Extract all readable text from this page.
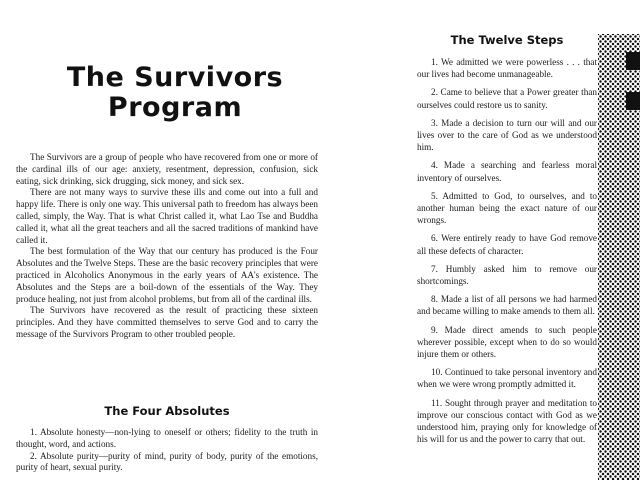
The Survivors
Program

The Survivors are a group of people who have recovered from one or more of the cardinal ills of our age: anxiety, resentment, depression, confusion, sick eating, sick drinking, sick drugging, sick money, and sick sex.

There are not many ways to survive these ills and come out into a full and happy life. There is only one way. This universal path to freedom has always been called, simply, the Way. That is what Christ called it, what Lao Tse and Buddha called it, what all the great teachers and all the sacred traditions of mankind have called it.

The best formulation of the Way that our century has produced is the Four Absolutes and the Twelve Steps. These are the basic recovery principles that were practiced in Alcoholics Anonymous in the early years of AA's existence. The Absolutes and the Steps are a boil-down of the essentials of the Way. They produce healing, not just from alcohol problems, but from all of the cardinal ills.

The Survivors have recovered as the result of practicing these sixteen principles. And they have committed themselves to serve God and to carry the message of the Survivors Program to other troubled people.

The Four Absolutes

1. Absolute honesty—non-lying to oneself or others; fidelity to the truth in thought, word, and actions.

2. Absolute purity—purity of mind, purity of body, purity of the emotions, purity of heart, sexual purity.

The Twelve Steps

1. We admitted we were powerless . . . that our lives had become unmanageable.

2. Came to believe that a Power greater than ourselves could restore us to sanity.

3. Made a decision to turn our will and our lives over to the care of God as we understood him.

4. Made a searching and fearless moral inventory of ourselves.

5. Admitted to God, to ourselves, and to another human being the exact nature of our wrongs.

6. Were entirely ready to have God remove all these defects of character.

7. Humbly asked him to remove our shortcomings.

8. Made a list of all persons we had harmed and became willing to make amends to them all.

9. Made direct amends to such people wherever possible, except when to do so would injure them or others.

10. Continued to take personal inventory and when we were wrong promptly admitted it.

11. Sought through prayer and meditation to improve our conscious contact with God as we understood him, praying only for knowledge of his will for us and the power to carry that out.
